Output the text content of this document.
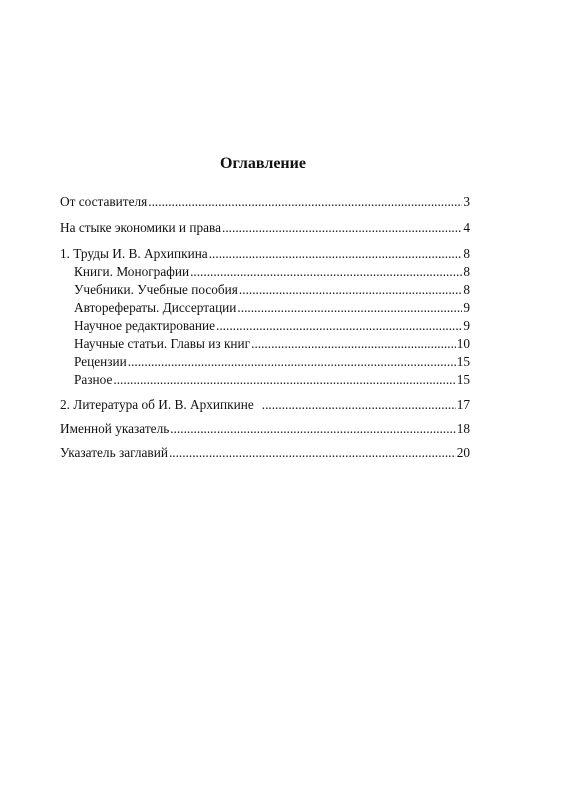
Оглавление
От составителя .....	3
На стыке экономики и права .....	4
1. Труды И. В. Архипкина .....	8
Книги. Монографии .....	8
Учебники. Учебные пособия .....	8
Авторефераты. Диссертации .....	9
Научное редактирование .....	9
Научные статьи. Главы из книг .....	10
Рецензии .....	15
Разное .....	15
2. Литература об И. В. Архипкине .....	17
Именной указатель .....	18
Указатель заглавий .....	20
